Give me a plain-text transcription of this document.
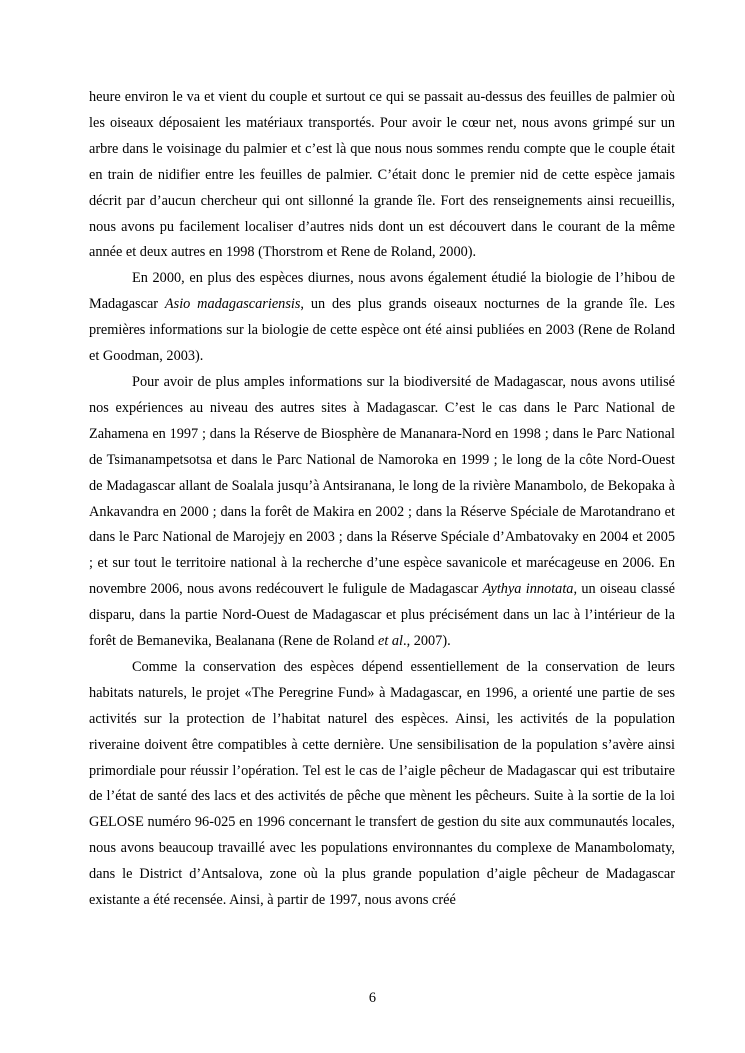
heure environ le va et vient du couple et surtout ce qui se passait au-dessus des feuilles de palmier où les oiseaux déposaient les matériaux transportés. Pour avoir le cœur net, nous avons grimpé sur un arbre dans le voisinage du palmier et c’est là que nous nous sommes rendu compte que le couple était en train de nidifier entre les feuilles de palmier. C’était donc le premier nid de cette espèce jamais décrit par d’aucun chercheur qui ont sillonné la grande île. Fort des renseignements ainsi recueillis, nous avons pu facilement localiser d’autres nids dont un est découvert dans le courant de la même année et deux autres en 1998 (Thorstrom et Rene de Roland, 2000).

En 2000, en plus des espèces diurnes, nous avons également étudié la biologie de l’hibou de Madagascar Asio madagascariensis, un des plus grands oiseaux nocturnes de la grande île. Les premières informations sur la biologie de cette espèce ont été ainsi publiées en 2003 (Rene de Roland et Goodman, 2003).

Pour avoir de plus amples informations sur la biodiversité de Madagascar, nous avons utilisé nos expériences au niveau des autres sites à Madagascar. C’est le cas dans le Parc National de Zahamena en 1997 ; dans la Réserve de Biosphère de Mananara-Nord en 1998 ; dans le Parc National de Tsimanampetsotsa et dans le Parc National de Namoroka en 1999 ; le long de la côte Nord-Ouest de Madagascar allant de Soalala jusqu’à Antsiranana, le long de la rivière Manambolo, de Bekopaka à Ankavandra en 2000 ; dans la forêt de Makira en 2002 ; dans la Réserve Spéciale de Marotandrano et dans le Parc National de Marojejy en 2003 ; dans la Réserve Spéciale d’Ambatovaky en 2004 et 2005 ; et sur tout le territoire national à la recherche d’une espèce savanicole et marécageuse en 2006. En novembre 2006, nous avons redécouvert le fuligule de Madagascar Aythya innotata, un oiseau classé disparu, dans la partie Nord-Ouest de Madagascar et plus précisément dans un lac à l’intérieur de la forêt de Bemanevika, Bealanana (Rene de Roland et al., 2007).

Comme la conservation des espèces dépend essentiellement de la conservation de leurs habitats naturels, le projet «The Peregrine Fund» à Madagascar, en 1996, a orienté une partie de ses activités sur la protection de l’habitat naturel des espèces. Ainsi, les activités de la population riveraine doivent être compatibles à cette dernière. Une sensibilisation de la population s’avère ainsi primordiale pour réussir l’opération. Tel est le cas de l’aigle pêcheur de Madagascar qui est tributaire de l’état de santé des lacs et des activités de pêche que mènent les pêcheurs. Suite à la sortie de la loi GELOSE numéro 96-025 en 1996 concernant le transfert de gestion du site aux communautés locales, nous avons beaucoup travaillé avec les populations environnantes du complexe de Manambolomaty, dans le District d’Antsalova, zone où la plus grande population d’aigle pêcheur de Madagascar existante a été recensée. Ainsi, à partir de 1997, nous avons créé

6
